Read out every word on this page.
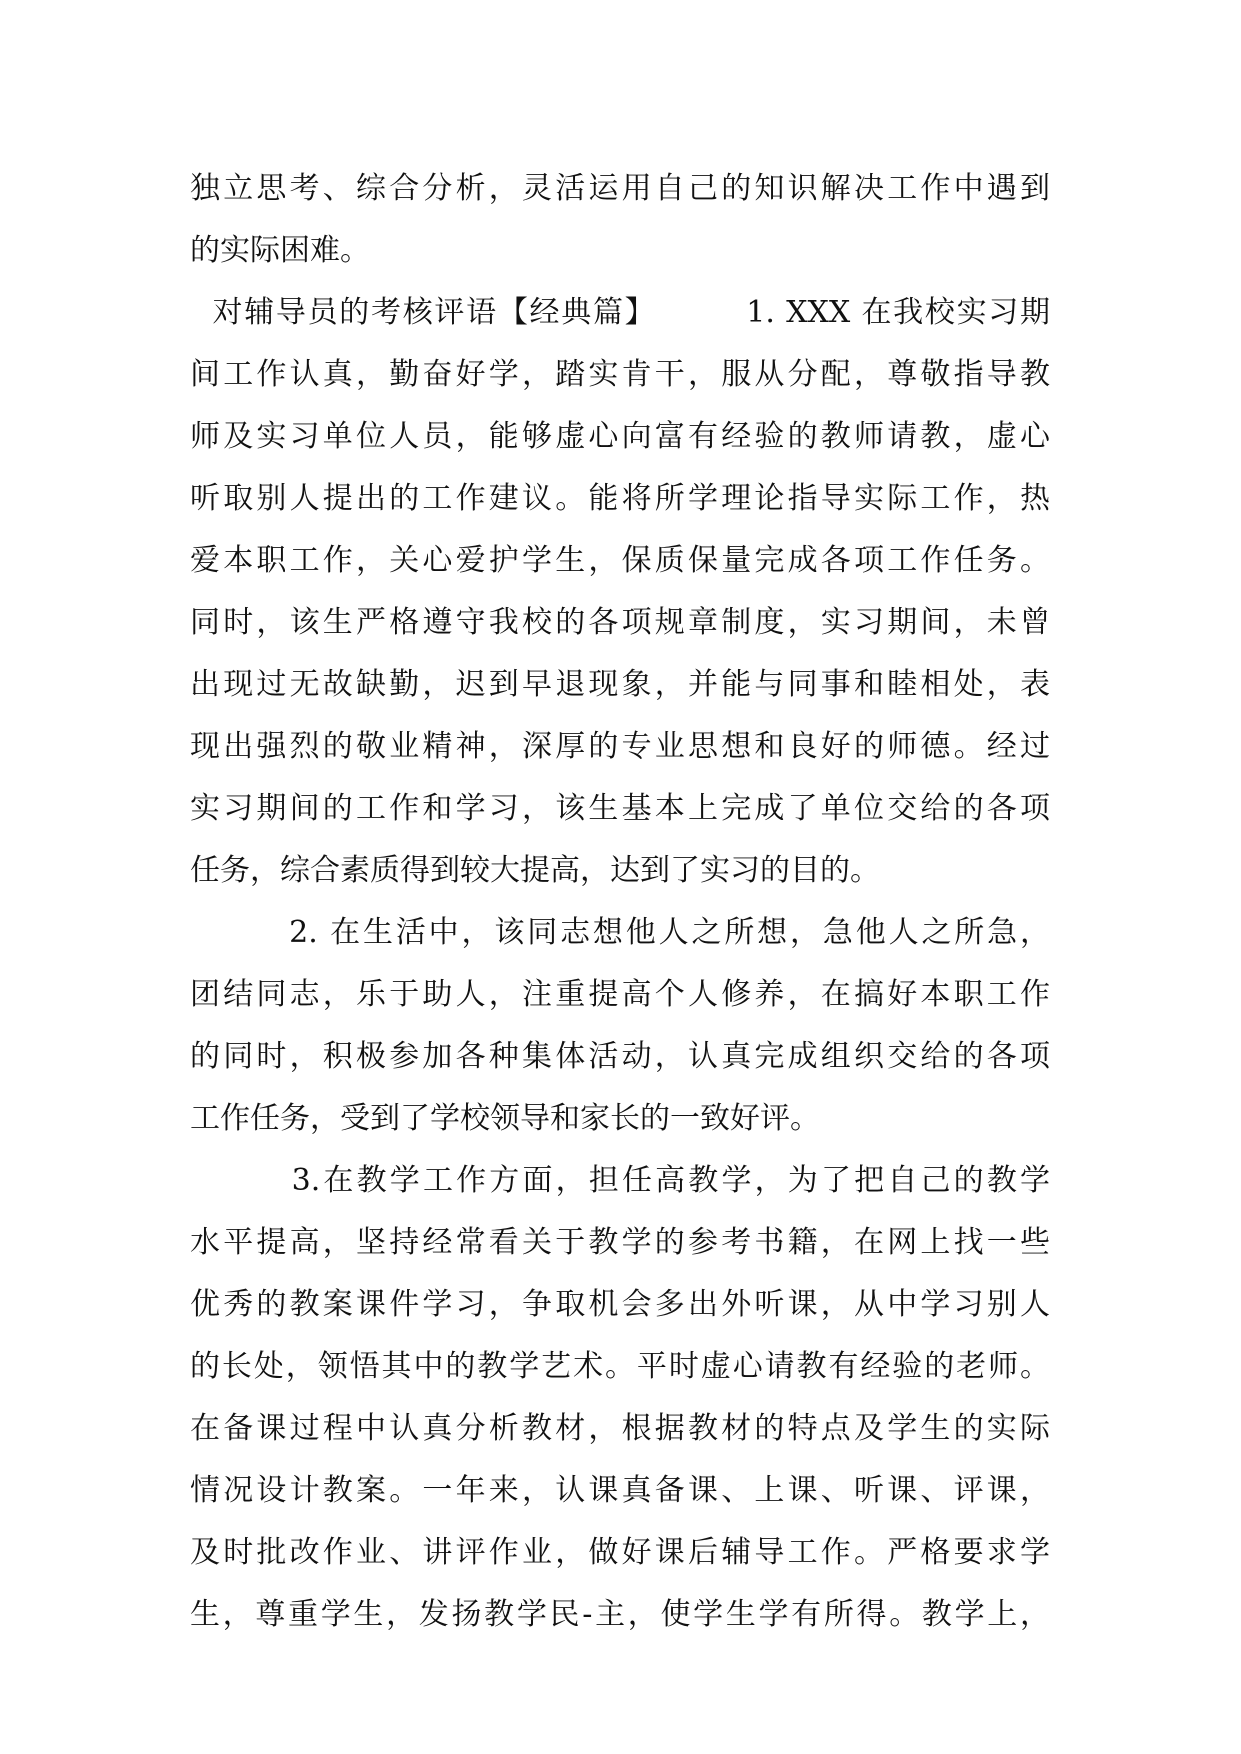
独立思考、综合分析，灵活运用自己的知识解决工作中遇到
的实际困难。
对辅导员的考核评语【经典篇】        1. XXX 在我校实习期
间工作认真，勤奋好学，踏实肯干，服从分配，尊敬指导教
师及实习单位人员，能够虚心向富有经验的教师请教，虚心
听取别人提出的工作建议。能将所学理论指导实际工作，热
爱本职工作，关心爱护学生，保质保量完成各项工作任务。
同时，该生严格遵守我校的各项规章制度，实习期间，未曾
出现过无故缺勤，迟到早退现象，并能与同事和睦相处，表
现出强烈的敬业精神，深厚的专业思想和良好的师德。经过
实习期间的工作和学习，该生基本上完成了单位交给的各项
任务，综合素质得到较大提高，达到了实习的目的。
2. 在生活中，该同志想他人之所想，急他人之所急，
团结同志，乐于助人，注重提高个人修养，在搞好本职工作
的同时，积极参加各种集体活动，认真完成组织交给的各项
工作任务，受到了学校领导和家长的一致好评。
3.在教学工作方面，担任高教学，为了把自己的教学
水平提高，坚持经常看关于教学的参考书籍，在网上找一些
优秀的教案课件学习，争取机会多出外听课，从中学习别人
的长处，领悟其中的教学艺术。平时虚心请教有经验的老师。
在备课过程中认真分析教材，根据教材的特点及学生的实际
情况设计教案。一年来，认课真备课、上课、听课、评课，
及时批改作业、讲评作业，做好课后辅导工作。严格要求学
生，尊重学生，发扬教学民-主，使学生学有所得。教学上，
